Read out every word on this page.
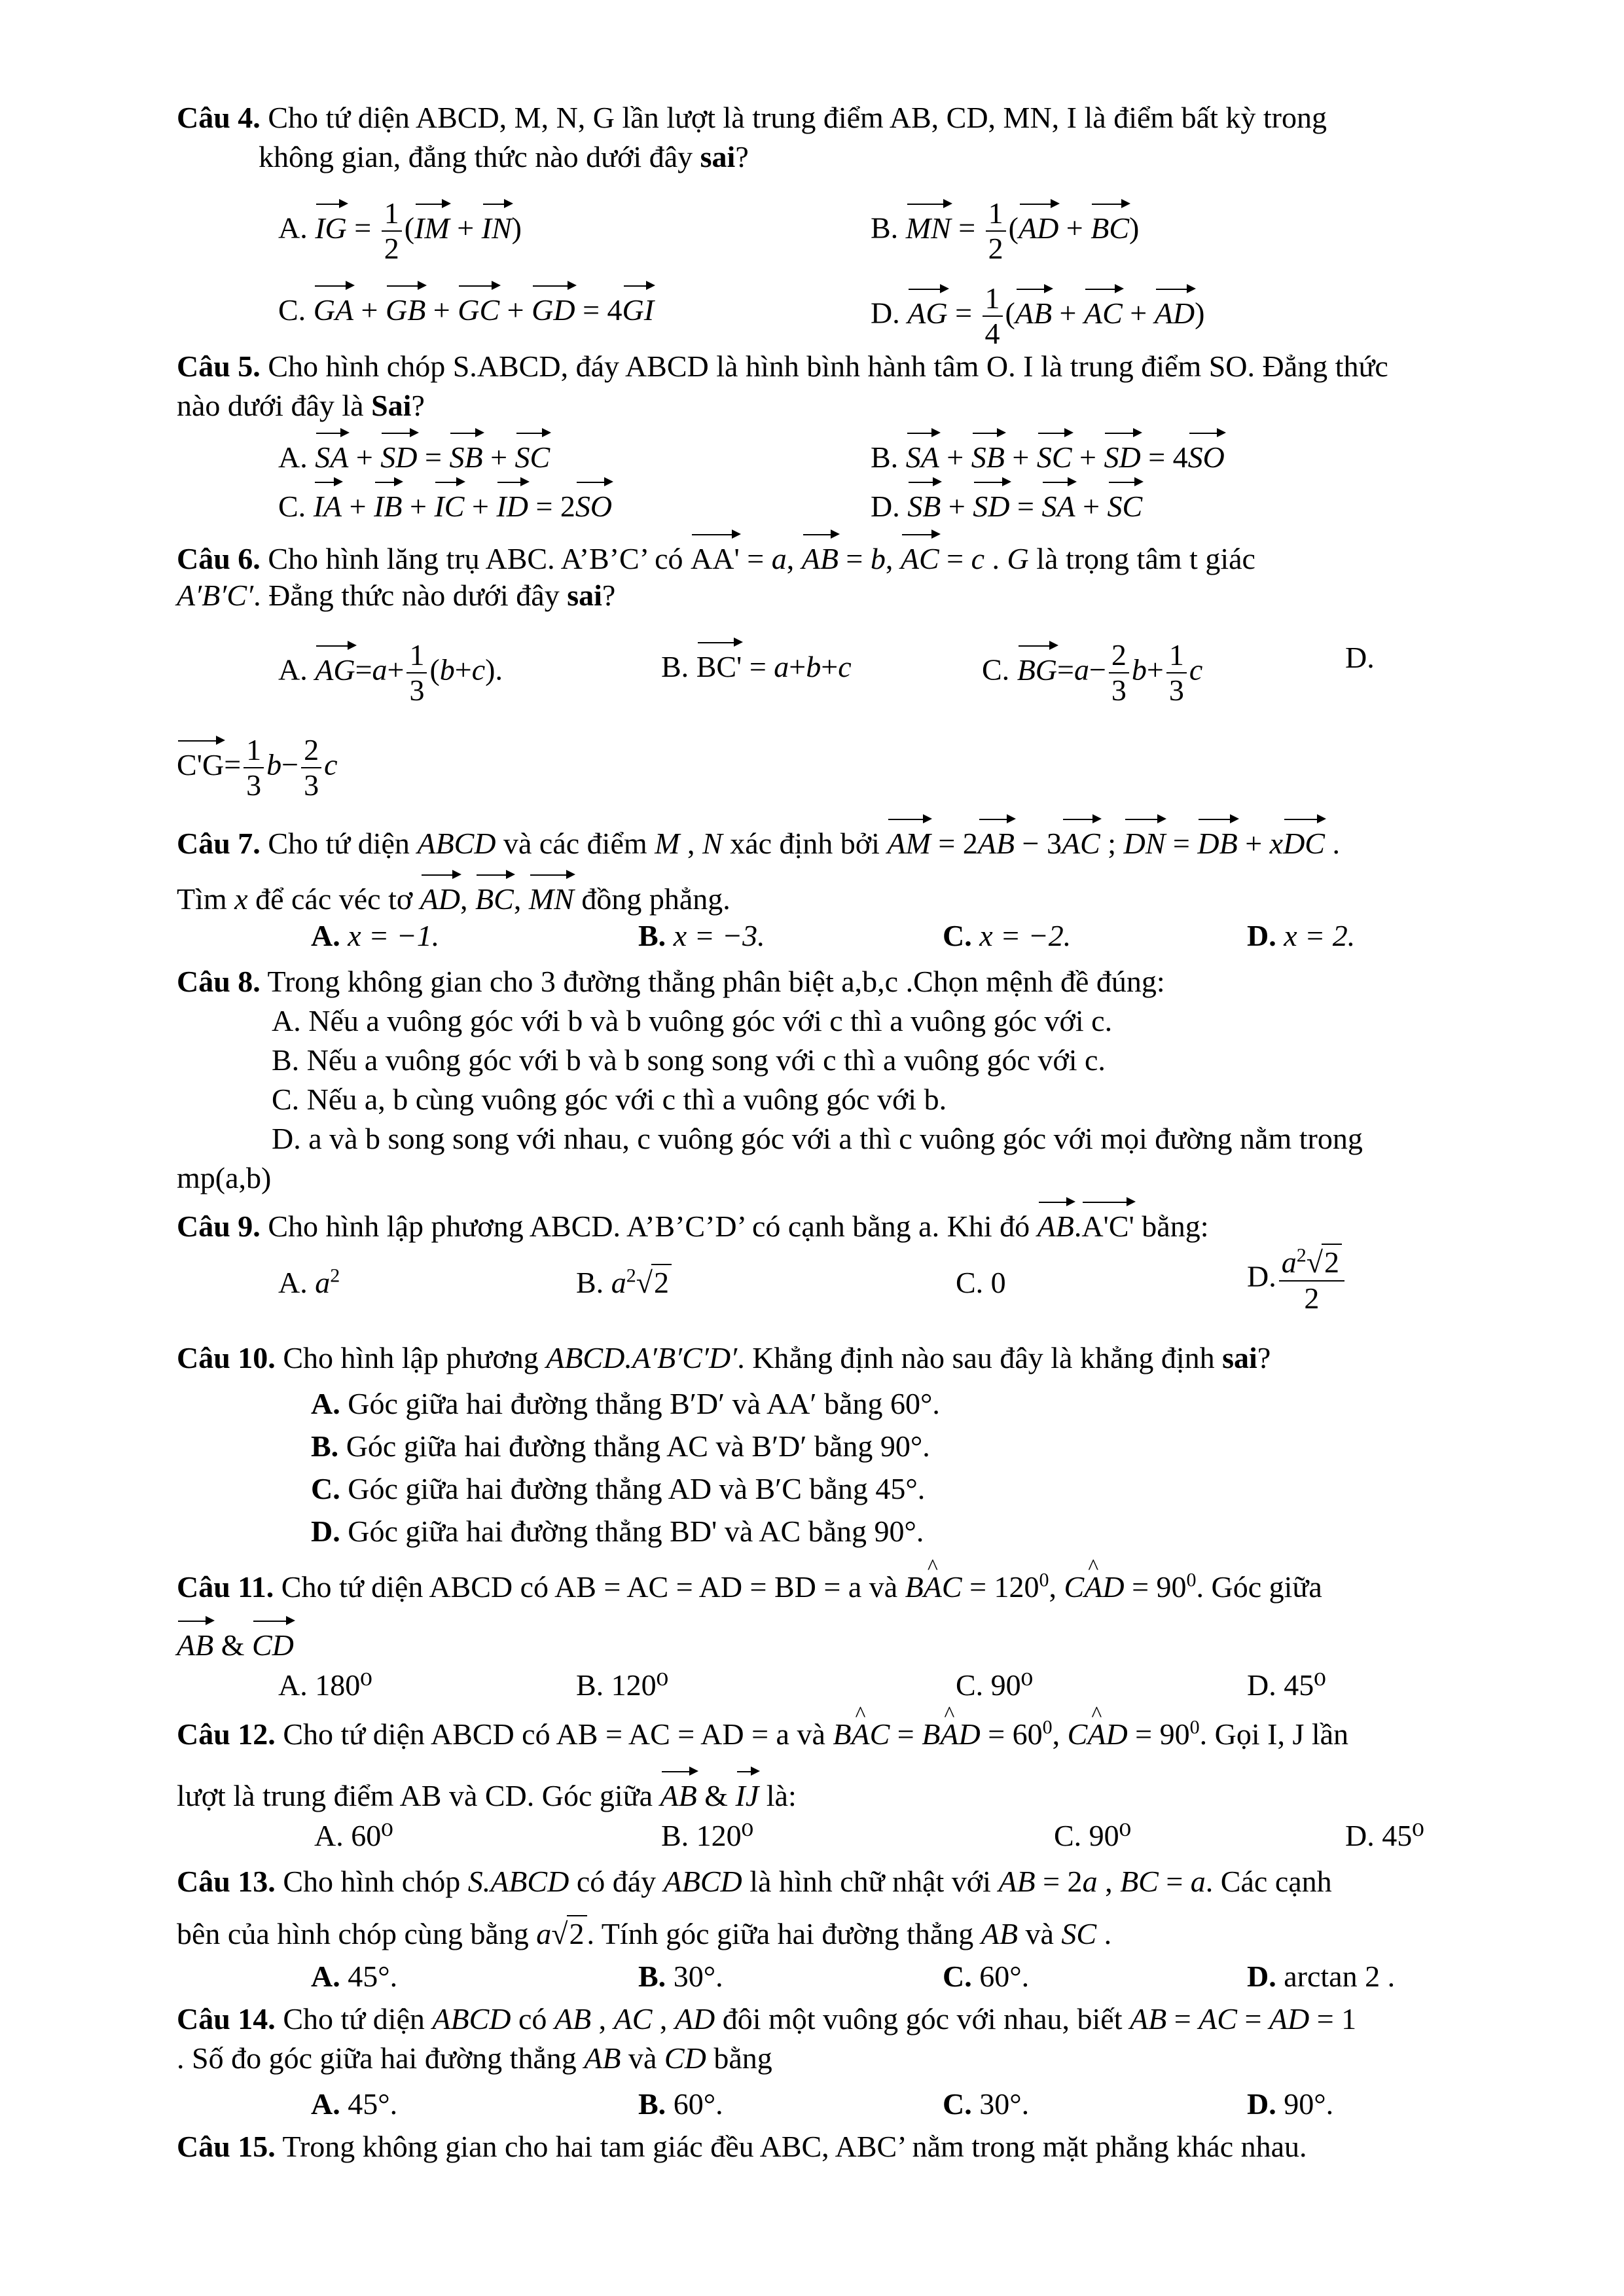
Câu 4. Cho tứ diện ABCD, M, N, G lần lượt là trung điểm AB, CD, MN, I là điểm bất kỳ trong
không gian, đẳng thức nào dưới đây sai?
A. IG = $\frac{1}{2} (IM + IN)$	B. MN = $\frac{1}{2} (AD + BC)$
C. GA + GB + GC + GD = 4GI	D. AG = $\frac{1}{4} (AB$ + AC + AD)
Câu 5. Cho hình chóp S.ABCD, đáy ABCD là hình bình hành tâm O. I là trung điểm SO. Đẳng thức
nào dưới đây là Sai?
A. SA + SD = SB + SC	B. SA + SB + SC + SD = 4SO
C. IA + IB + IC + ID = 2SO	D. SB + SD = SA + SC
Câu 6. Cho hình lăng trụ ABC. A’B’C’ có AA' = a, AB = b, AC = c . G là trọng tâm t giác
A′B′C′. Đẳng thức nào dưới đây sai?
A. $AG=a+ \frac{1}{3} (b+c)$.	B. BC' = a+b+c	C. $BG=a- \frac{2}{3} b+ \frac{1}{3}$ c	D.
$C'G= \frac{1}{3} b- \frac{2}{3}$ c
Câu 7. Cho tứ diện ABCD và các điểm M , N xác định bởi AM = 2AB − 3AC ; DN = DB + xDC .
Tìm x để các véc tơ AD, BC, MN đồng phẳng.
A. x = −1.	B. x = −3.	C. x = −2.	D. x = 2.
Câu 8. Trong không gian cho 3 đường thẳng phân biệt a,b,c .Chọn mệnh đề đúng:
A. Nếu a vuông góc với b và b vuông góc với c thì a vuông góc với c.
B. Nếu a vuông góc với b và b song song với c thì a vuông góc với c.
C. Nếu a, b cùng vuông góc với c thì a vuông góc với b.
D. a và b song song với nhau, c vuông góc với a thì c vuông góc với mọi đường nằm trong
mp(a,b)
Câu 9. Cho hình lập phương ABCD. A’B’C’D’ có cạnh bằng a. Khi đó AB.A'C' bằng:
A. $a^2$	B. $a^2√2$	C. 0	D. $\frac{a^2√2}{2}$
Câu 10. Cho hình lập phương ABCD.A′B′C′D′. Khẳng định nào sau đây là khẳng định sai?
A. Góc giữa hai đường thẳng B′D′ và AA′ bằng 60°.
B. Góc giữa hai đường thẳng AC và B′D′ bằng 90°.
C. Góc giữa hai đường thẳng AD và B′C bằng 45°.
D. Góc giữa hai đường thẳng BD' và AC bằng 90°.
Câu 11. Cho tứ diện ABCD có AB = AC = AD = BD = a và B^ AC = $120^0$, C^ AD = $90^0$. Góc giữa
AB & CD
A. 180⁰	B. 120⁰	C. 90⁰	D. 45⁰
Câu 12. Cho tứ diện ABCD có AB = AC = AD = a và B^ AC = B^ AD = $60^0$, C^ AD = $90^0$. Gọi I, J lần
lượt là trung điểm AB và CD. Góc giữa AB & IJ là:
A. 60⁰	B. 120⁰	C. 90⁰	D. 45⁰
Câu 13. Cho hình chóp S.ABCD có đáy ABCD là hình chữ nhật với AB = 2a , BC = a. Các cạnh
bên của hình chóp cùng bằng a√2. Tính góc giữa hai đường thẳng AB và SC .
A. 45°.	B. 30°.	C. 60°.	D. arctan 2 .
Câu 14. Cho tứ diện ABCD có AB , AC , AD đôi một vuông góc với nhau, biết AB = AC = AD = 1
. Số đo góc giữa hai đường thẳng AB và CD bằng
A. 45°.	B. 60°.	C. 30°.	D. 90°.
Câu 15. Trong không gian cho hai tam giác đều ABC, ABC’ nằm trong mặt phẳng khác nhau.
